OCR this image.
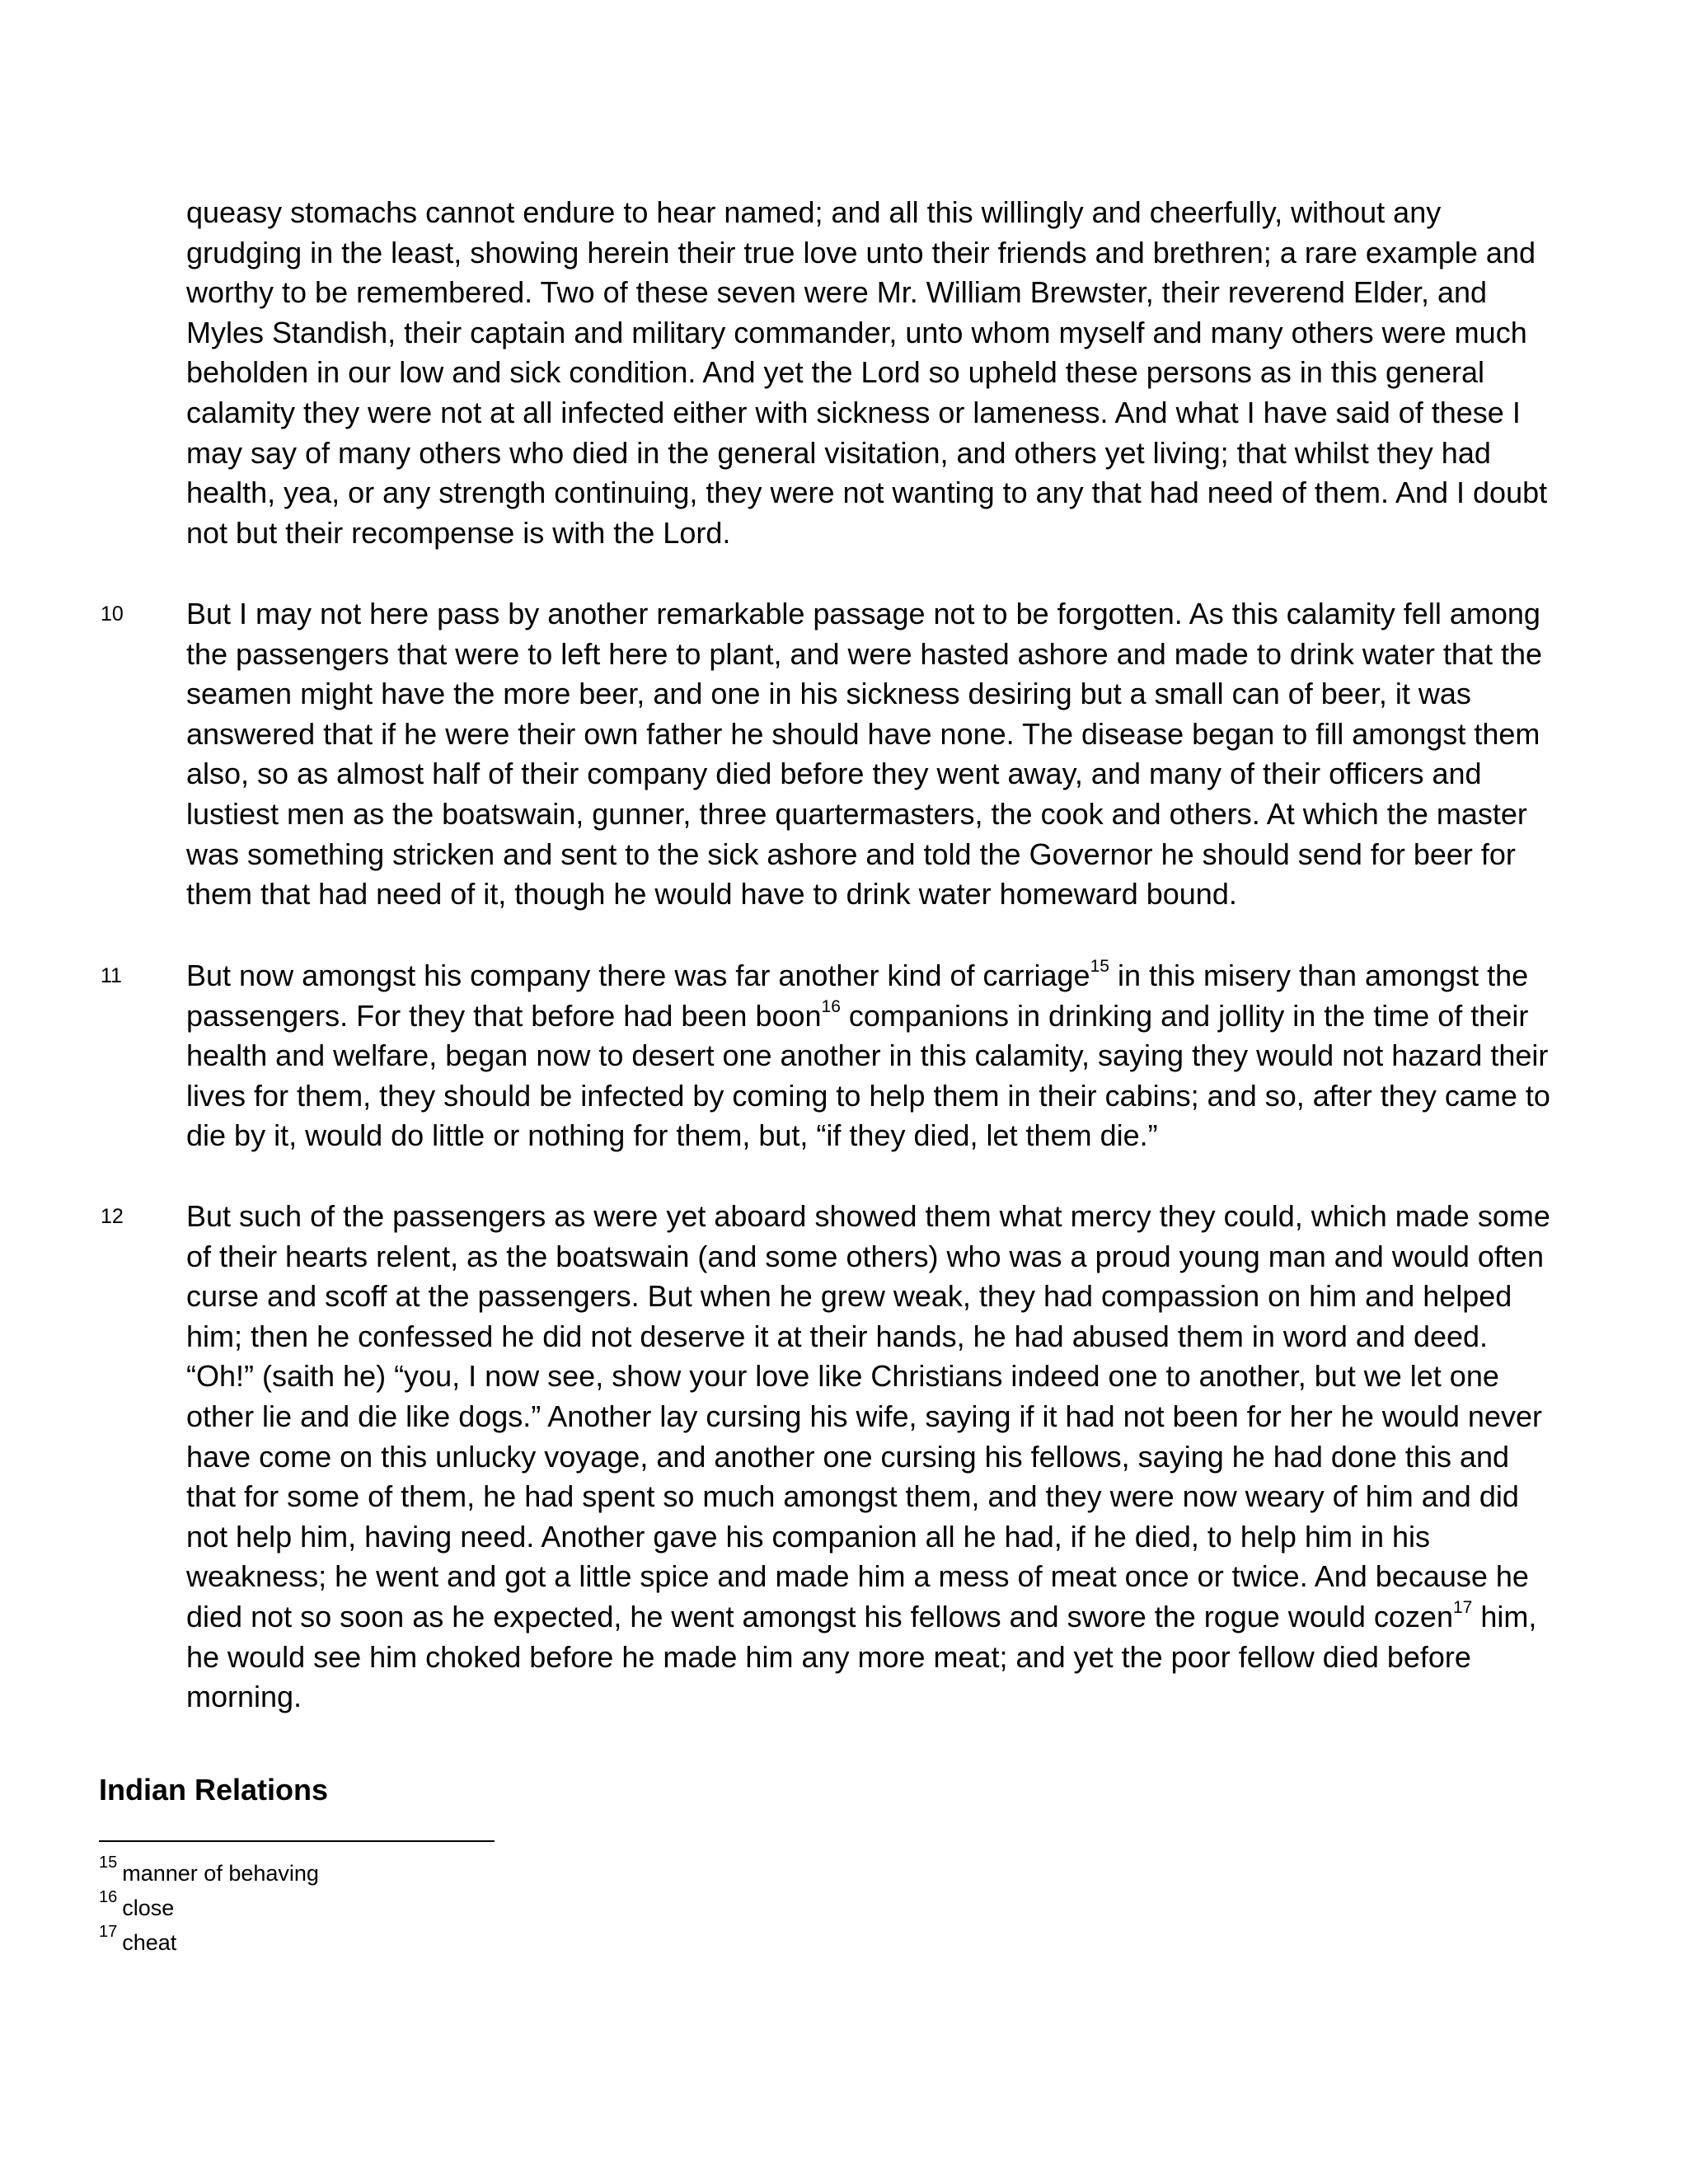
queasy stomachs cannot endure to hear named; and all this willingly and cheerfully, without any
grudging in the least, showing herein their true love unto their friends and brethren; a rare example and
worthy to be remembered. Two of these seven were Mr. William Brewster, their reverend Elder, and
Myles Standish, their captain and military commander, unto whom myself and many others were much
beholden in our low and sick condition. And yet the Lord so upheld these persons as in this general
calamity they were not at all infected either with sickness or lameness. And what I have said of these I
may say of many others who died in the general visitation, and others yet living; that whilst they had
health, yea, or any strength continuing, they were not wanting to any that had need of them. And I doubt
not but their recompense is with the Lord.
10 But I may not here pass by another remarkable passage not to be forgotten. As this calamity fell among
the passengers that were to left here to plant, and were hasted ashore and made to drink water that the
seamen might have the more beer, and one in his sickness desiring but a small can of beer, it was
answered that if he were their own father he should have none. The disease began to fill amongst them
also, so as almost half of their company died before they went away, and many of their officers and
lustiest men as the boatswain, gunner, three quartermasters, the cook and others. At which the master
was something stricken and sent to the sick ashore and told the Governor he should send for beer for
them that had need of it, though he would have to drink water homeward bound.
11 But now amongst his company there was far another kind of carriage$^{15}$ in this misery than amongst the
passengers. For they that before had been boon$^{16}$ companions in drinking and jollity in the time of their
health and welfare, began now to desert one another in this calamity, saying they would not hazard their
lives for them, they should be infected by coming to help them in their cabins; and so, after they came to
die by it, would do little or nothing for them, but, “if they died, let them die.”
12 But such of the passengers as were yet aboard showed them what mercy they could, which made some
of their hearts relent, as the boatswain (and some others) who was a proud young man and would often
curse and scoff at the passengers. But when he grew weak, they had compassion on him and helped
him; then he confessed he did not deserve it at their hands, he had abused them in word and deed.
“Oh!” (saith he) “you, I now see, show your love like Christians indeed one to another, but we let one
other lie and die like dogs.” Another lay cursing his wife, saying if it had not been for her he would never
have come on this unlucky voyage, and another one cursing his fellows, saying he had done this and
that for some of them, he had spent so much amongst them, and they were now weary of him and did
not help him, having need. Another gave his companion all he had, if he died, to help him in his
weakness; he went and got a little spice and made him a mess of meat once or twice. And because he
died not so soon as he expected, he went amongst his fellows and swore the rogue would cozen$^{17}$ him,
he would see him choked before he made him any more meat; and yet the poor fellow died before
morning.
Indian Relations
$^{15}$ manner of behaving
$^{16}$ close
$^{17}$ cheat
